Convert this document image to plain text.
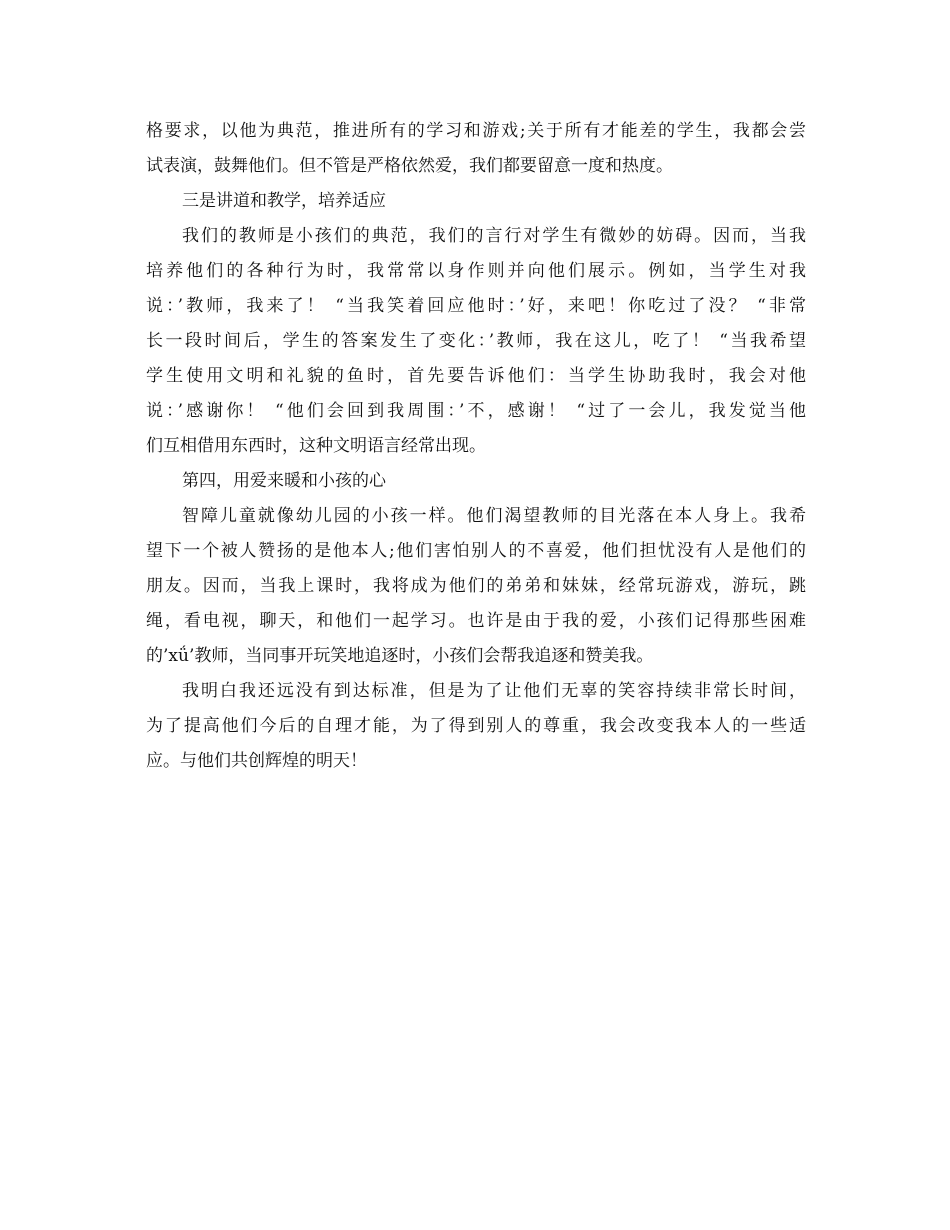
格要求，以他为典范，推进所有的学习和游戏;关于所有才能差的学生，我都会尝
试表演，鼓舞他们。但不管是严格依然爱，我们都要留意一度和热度。
三是讲道和教学，培养适应
我们的教师是小孩们的典范，我们的言行对学生有微妙的妨碍。因而，当我
培养他们的各种行为时，我常常以身作则并向他们展示。例如，当学生对我
说：’教师，我来了！ “当我笑着回应他时：’好，来吧！你吃过了没？ “非常
长一段时间后，学生的答案发生了变化：’教师，我在这儿，吃了！ “当我希望
学生使用文明和礼貌的鱼时，首先要告诉他们：当学生协助我时，我会对他
说：’感谢你！ “他们会回到我周围：’不，感谢！ “过了一会儿，我发觉当他
们互相借用东西时，这种文明语言经常出现。
第四，用爱来暖和小孩的心
智障儿童就像幼儿园的小孩一样。他们渴望教师的目光落在本人身上。我希
望下一个被人赞扬的是他本人;他们害怕别人的不喜爱，他们担忧没有人是他们的
朋友。因而，当我上课时，我将成为他们的弟弟和妹妹，经常玩游戏，游玩，跳
绳，看电视，聊天，和他们一起学习。也许是由于我的爱，小孩们记得那些困难
的’xǘ’教师，当同事开玩笑地追逐时，小孩们会帮我追逐和赞美我。
我明白我还远没有到达标准，但是为了让他们无辜的笑容持续非常长时间，
为了提高他们今后的自理才能，为了得到别人的尊重，我会改变我本人的一些适
应。与他们共创辉煌的明天！
